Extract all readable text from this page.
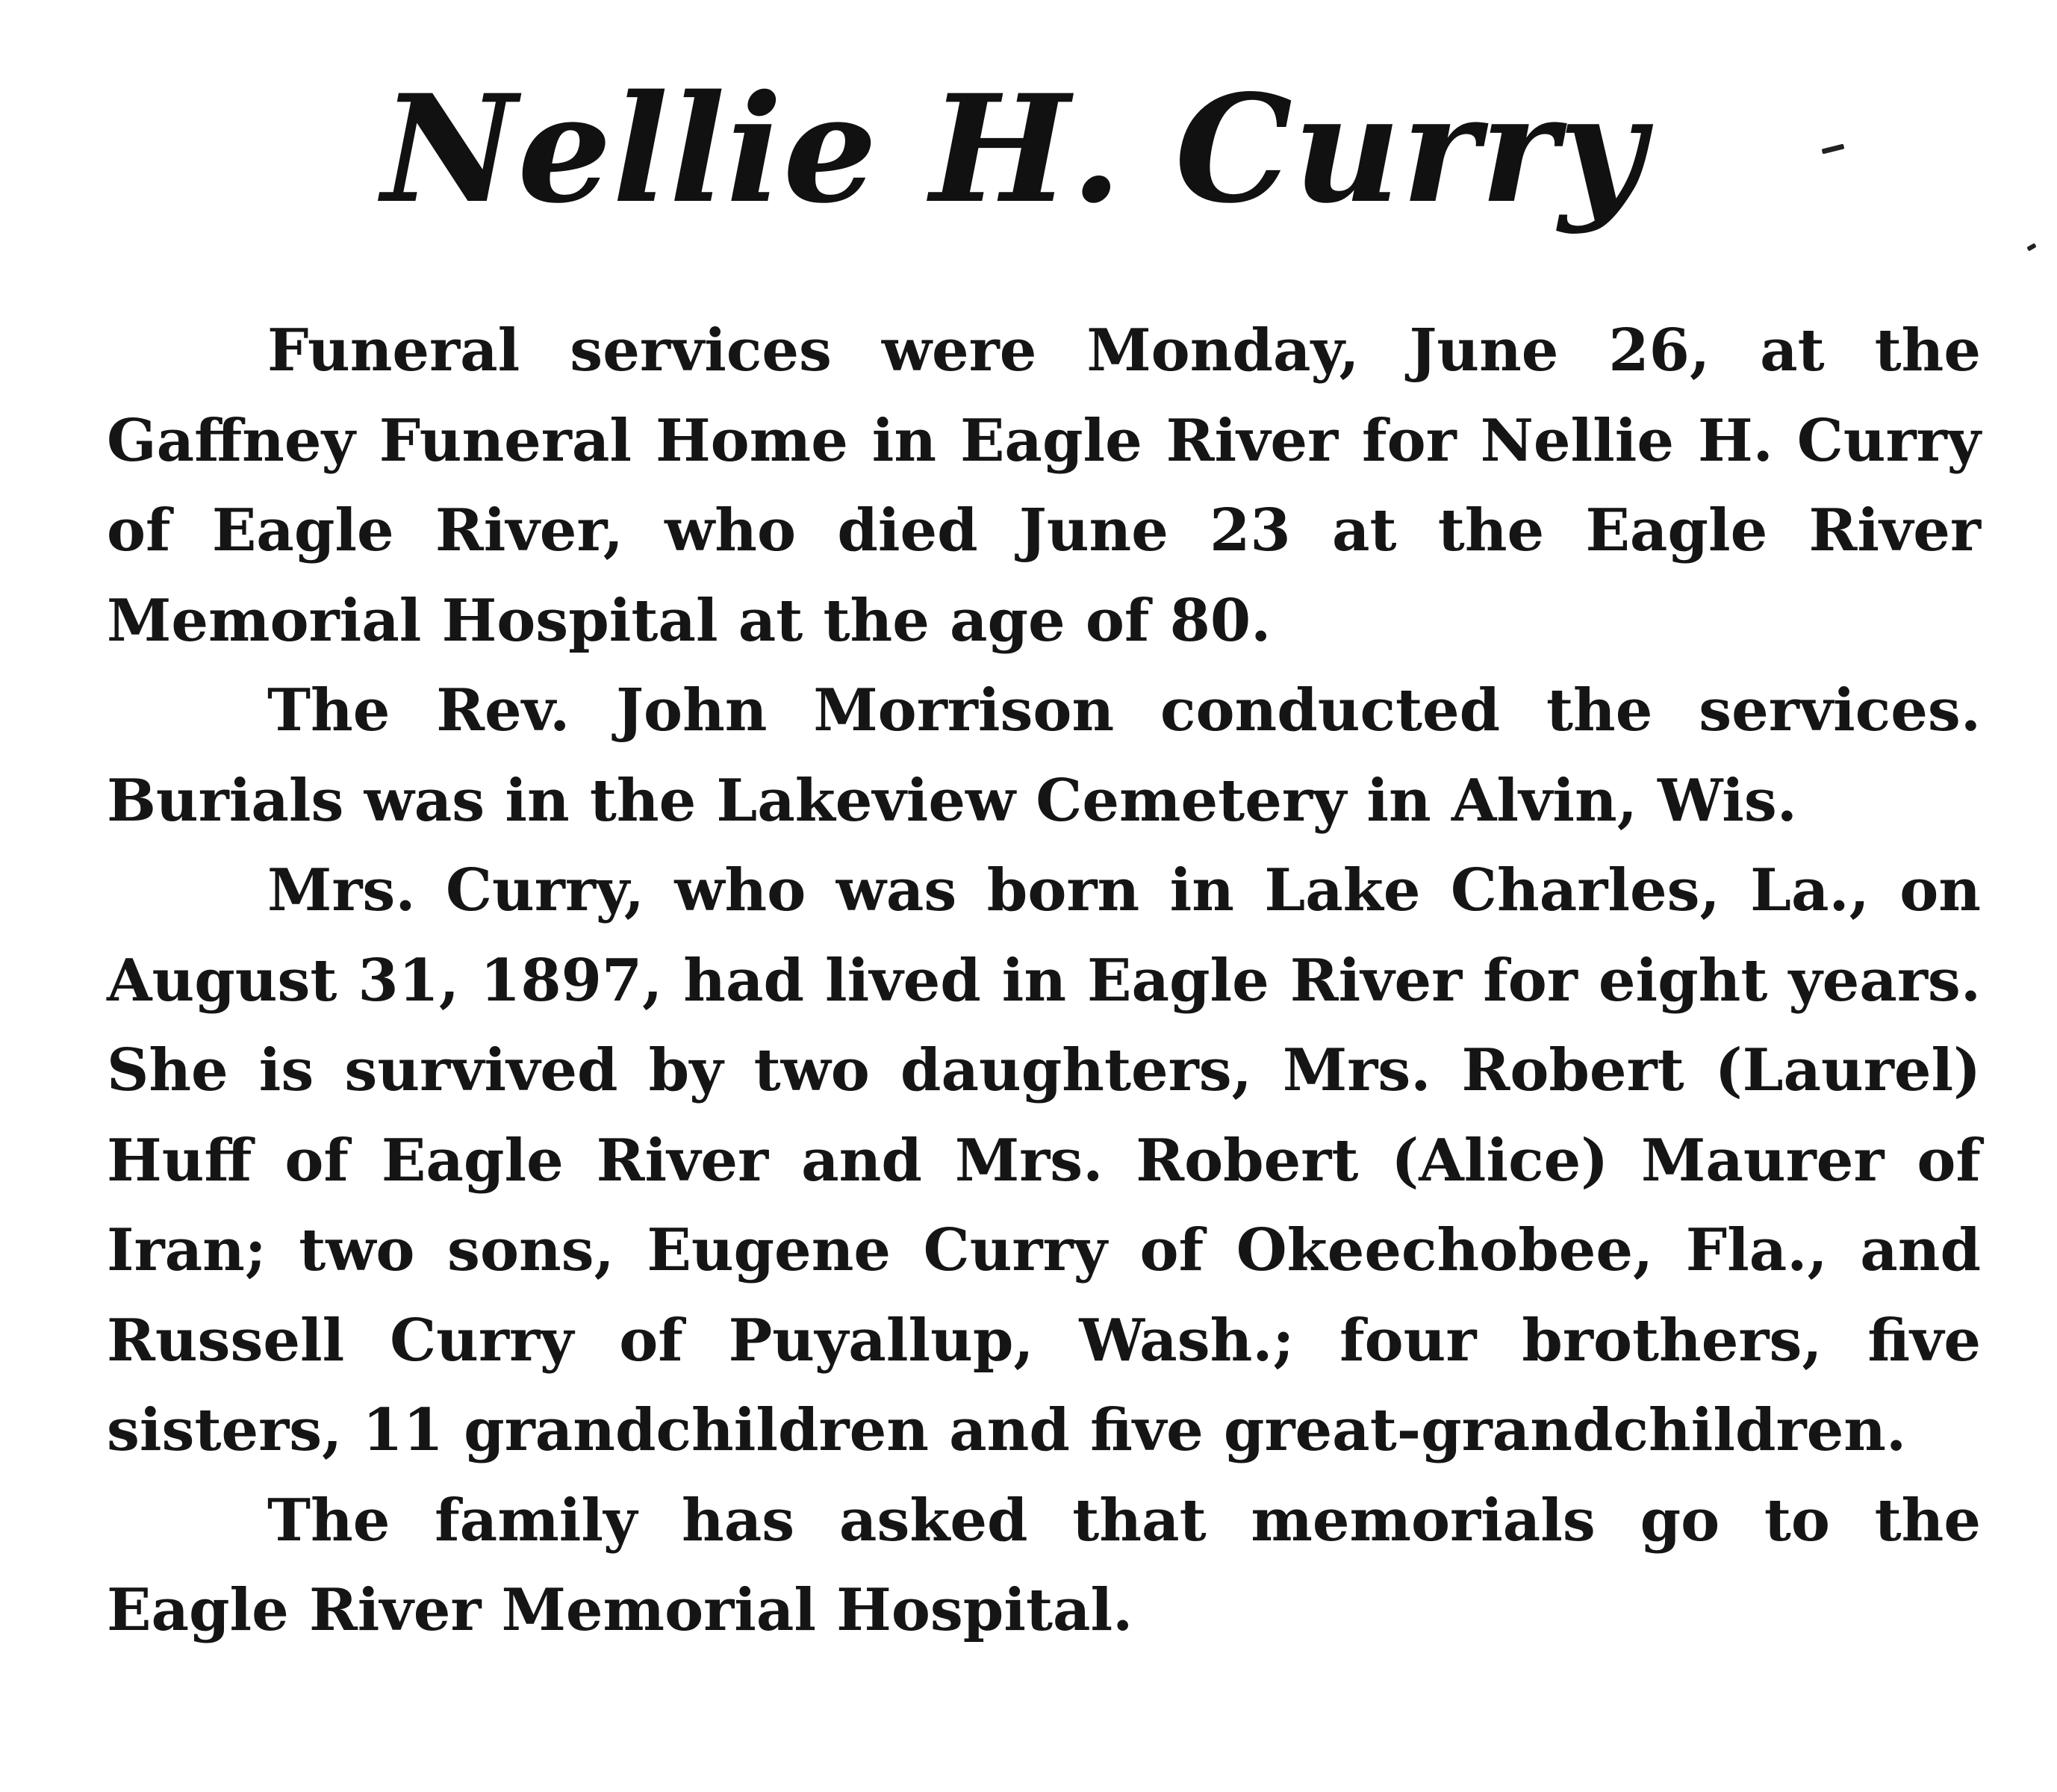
Nellie H. Curry

Funeral services were Monday, June 26, at the Gaffney Funeral Home in Eagle River for Nellie H. Curry of Eagle River, who died June 23 at the Eagle River Memorial Hospital at the age of 80.

The Rev. John Morrison conducted the services. Burials was in the Lakeview Cemetery in Alvin, Wis.

Mrs. Curry, who was born in Lake Charles, La., on August 31, 1897, had lived in Eagle River for eight years. She is survived by two daughters, Mrs. Robert (Laurel) Huff of Eagle River and Mrs. Robert (Alice) Maurer of Iran; two sons, Eugene Curry of Okeechobee, Fla., and Russell Curry of Puyallup, Wash.; four brothers, five sisters, 11 grandchildren and five great-grandchildren.

The family has asked that memorials go to the Eagle River Memorial Hospital.
